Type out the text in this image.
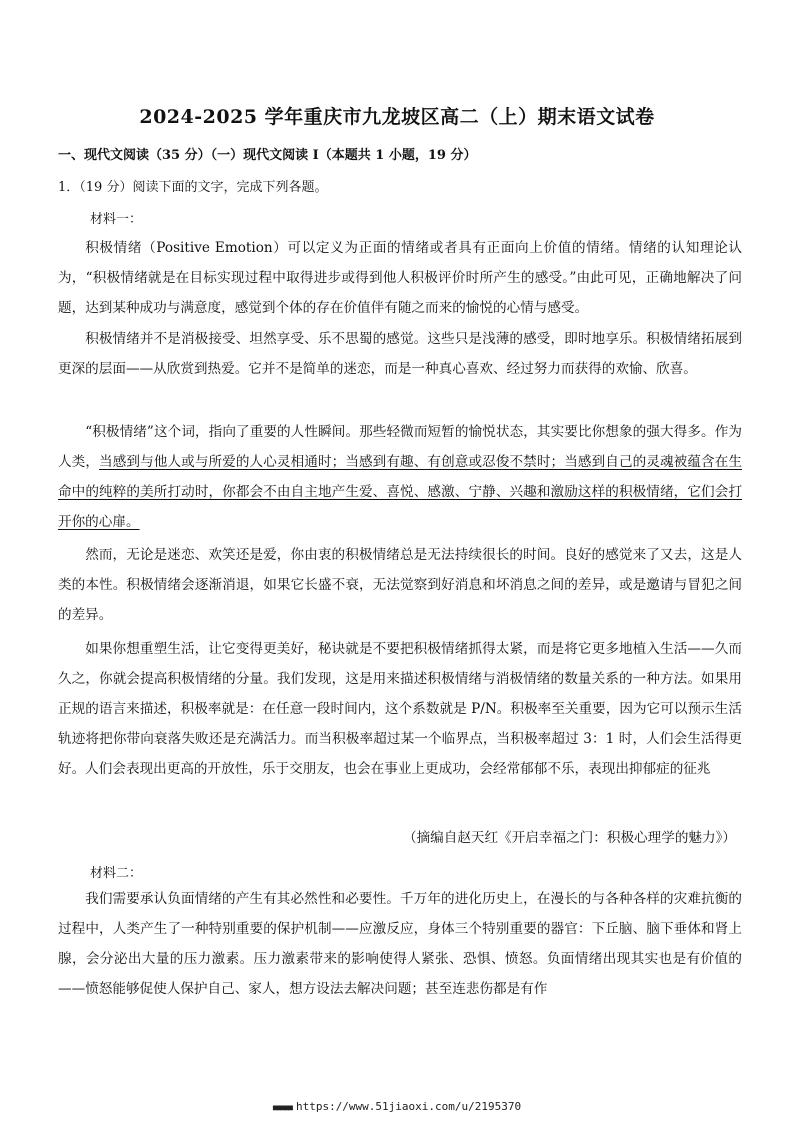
2024-2025 学年重庆市九龙坡区高二（上）期末语文试卷
一、现代文阅读（35 分）（一）现代文阅读 I（本题共 1 小题，19 分）
1．（19 分）阅读下面的文字，完成下列各题。
材料一：

积极情绪（Positive Emotion）可以定义为正面的情绪或者具有正面向上价值的情绪。情绪的认知理论认为，“积极情绪就是在目标实现过程中取得进步或得到他人积极评价时所产生的感受。”由此可见，正确地解决了问题，达到某种成功与满意度，感觉到个体的存在价值伴有随之而来的愉悦的心情与感受。

积极情绪并不是消极接受、坦然享受、乐不思蜀的感觉。这些只是浅薄的感受，即时地享乐。积极情绪拓展到更深的层面——从欣赏到热爱。它并不是简单的迷恋，而是一种真心喜欢、经过努力而获得的欢愉、欣喜。

“积极情绪”这个词，指向了重要的人性瞬间。那些轻微而短暂的愉悦状态，其实要比你想象的强大得多。作为人类，当感到与他人或与所爱的人心灵相通时；当感到有趣、有创意或忍俊不禁时；当感到自己的灵魂被蕴含在生命中的纯粹的美所打动时，你都会不由自主地产生爱、喜悦、感激、宁静、兴趣和激励这样的积极情绪，它们会打开你的心扉。

然而，无论是迷恋、欢笑还是爱，你由衷的积极情绪总是无法持续很长的时间。良好的感觉来了又去，这是人类的本性。积极情绪会逐渐消退，如果它长盛不衰，无法觉察到好消息和坏消息之间的差异，或是邀请与冒犯之间的差异。

如果你想重塑生活，让它变得更美好，秘诀就是不要把积极情绪抓得太紧，而是将它更多地植入生活——久而久之，你就会提高积极情绪的分量。我们发现，这是用来描述积极情绪与消极情绪的数量关系的一种方法。如果用正规的语言来描述，积极率就是：在任意一段时间内，这个系数就是 P/N。积极率至关重要，因为它可以预示生活轨迹将把你带向衰落失败还是充满活力。而当积极率超过某一个临界点，当积极率超过 3：1 时，人们会生活得更好。人们会表现出更高的开放性，乐于交朋友，也会在事业上更成功，会经常郁郁不乐，表现出抑郁症的征兆

（摘编自赵天红《开启幸福之门：积极心理学的魅力》）
材料二：

我们需要承认负面情绪的产生有其必然性和必要性。千万年的进化历史上，在漫长的与各种各样的灾难抗衡的过程中，人类产生了一种特别重要的保护机制——应激反应，身体三个特别重要的器官：下丘脑、脑下垂体和肾上腺，会分泌出大量的压力激素。压力激素带来的影响使得人紧张、恐惧、愤怒。负面情绪出现其实也是有价值的——愤怒能够促使人保护自己、家人，想方设法去解决问题；甚至连悲伤都是有作

■■■■■ https://www.51jiaoxi.com/u/2195370
